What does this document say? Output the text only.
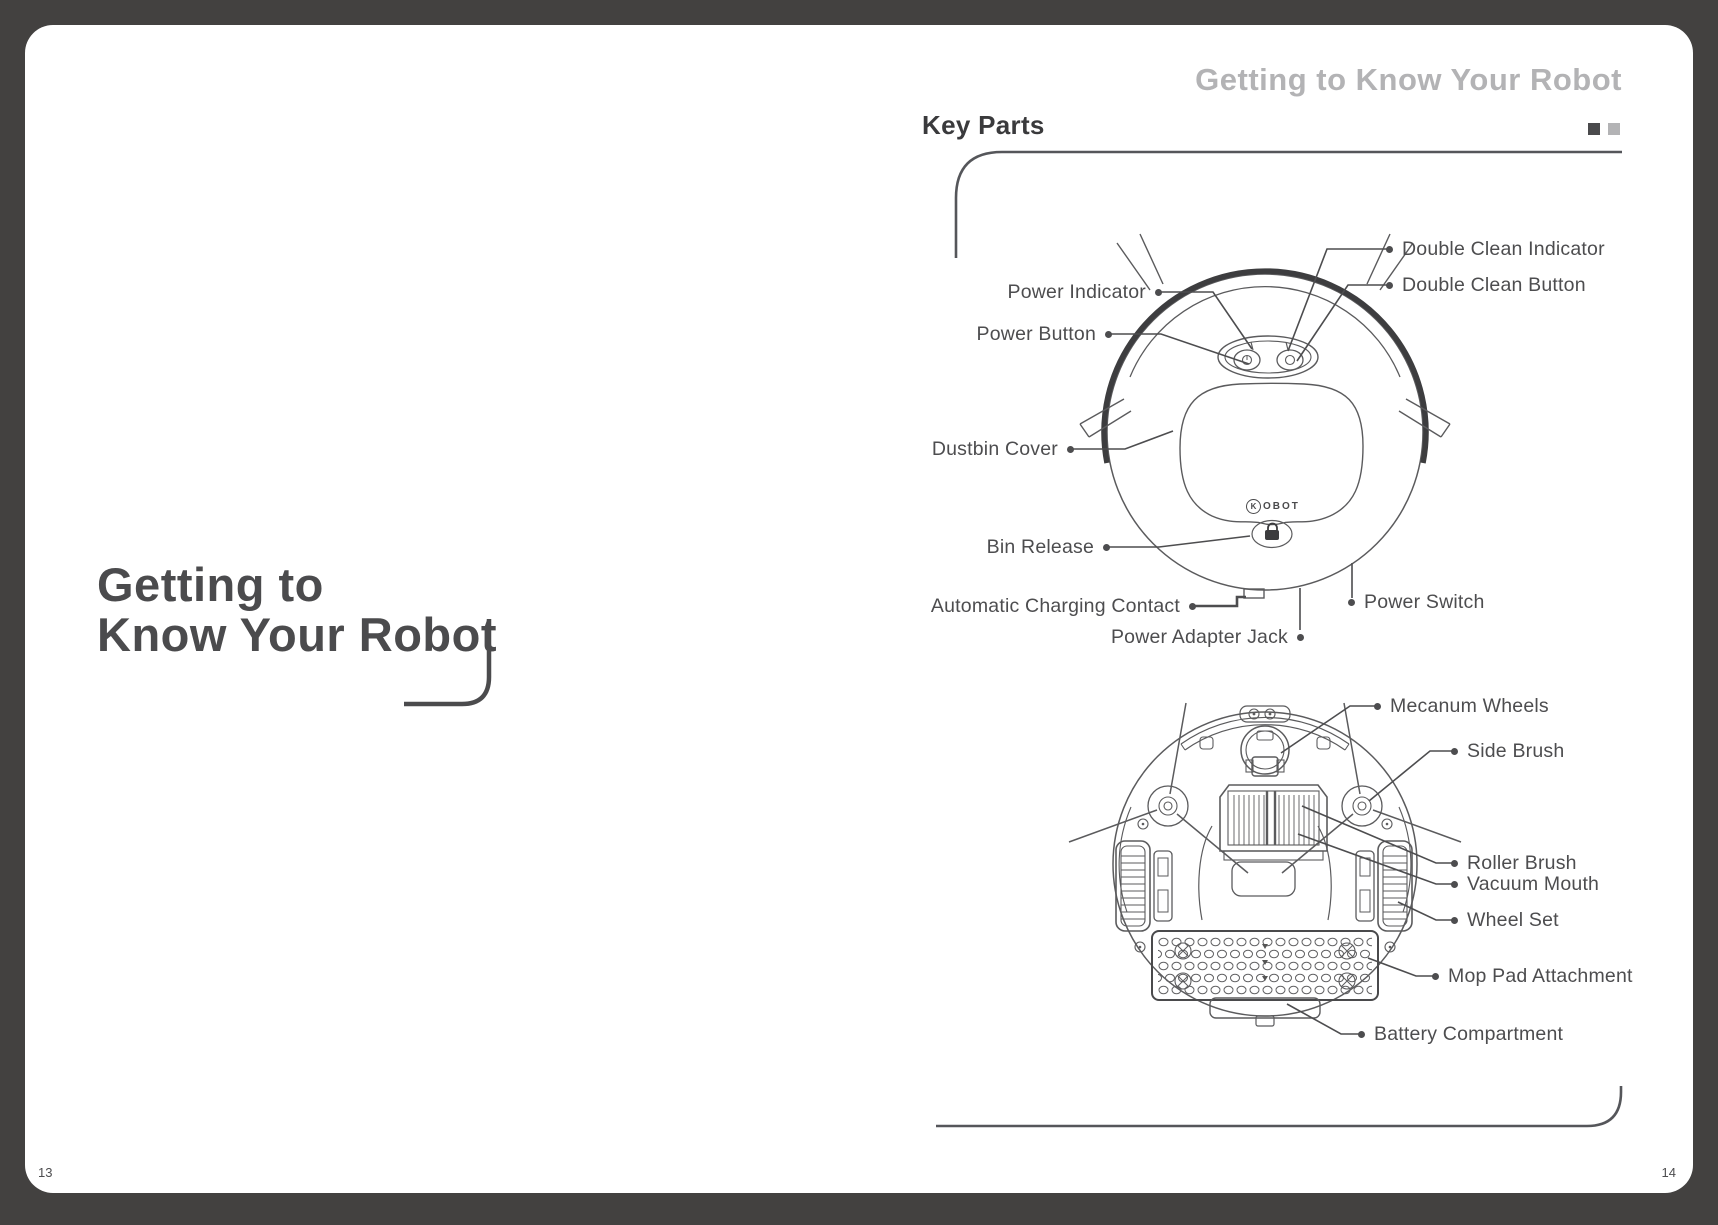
Getting to Know Your Robot
Key Parts
Getting to
Know Your Robot
13	14
K OBOT
Power Indicator
Power Button
Double Clean Indicator
Double Clean Button
Dustbin Cover
Bin Release
Automatic Charging Contact	Power Switch
Power Adapter Jack
Mecanum Wheels
Side Brush
Roller Brush
Vacuum Mouth
Wheel Set
Mop Pad Attachment
Battery Compartment
